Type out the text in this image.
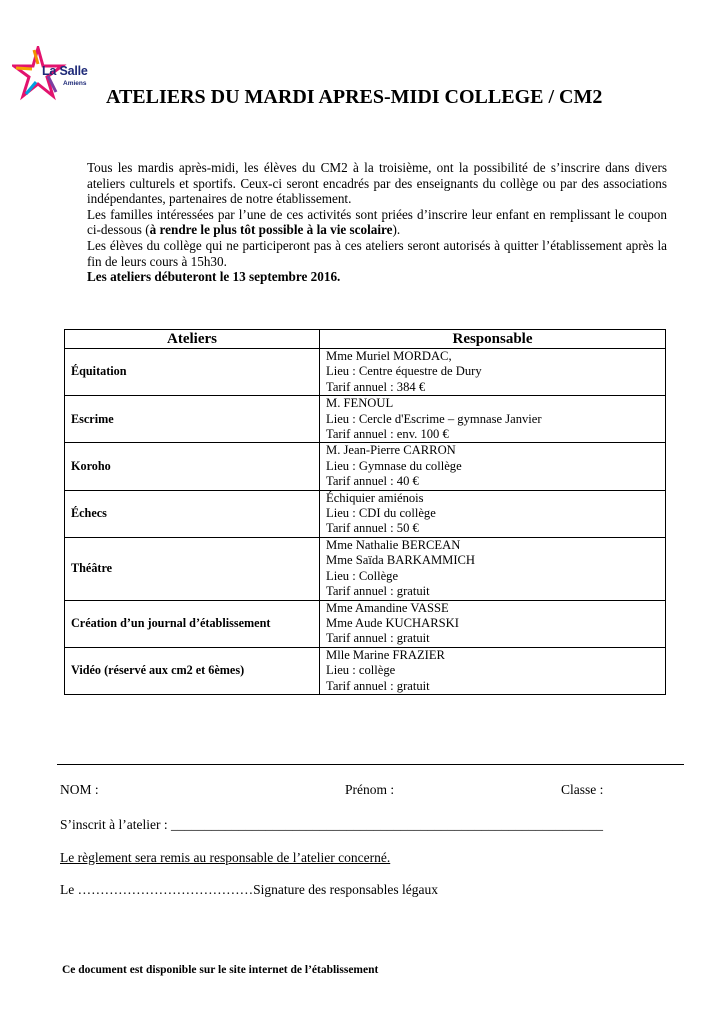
La Salle
Amiens
ATELIERS DU MARDI APRES-MIDI COLLEGE / CM2

Tous les mardis après-midi, les élèves du CM2 à la troisième, ont la possibilité de s’inscrire dans divers ateliers culturels et sportifs. Ceux-ci seront encadrés par des enseignants du collège ou par des associations indépendantes, partenaires de notre établissement.

Les familles intéressées par l’une de ces activités sont priées d’inscrire leur enfant en remplissant le coupon ci-dessous (à rendre le plus tôt possible à la vie scolaire).

Les élèves du collège qui ne participeront pas à ces ateliers seront autorisés à quitter l’établissement après la fin de leurs cours à 15h30.

Les ateliers débuteront le 13 septembre 2016.

Ateliers	Responsable
Équitation	Mme Muriel MORDAC,
Lieu : Centre équestre de Dury
Tarif annuel : 384 €

Escrime	M. FENOUL
Lieu : Cercle d'Escrime – gymnase Janvier
Tarif annuel : env. 100 €

Koroho	M. Jean-Pierre CARRON
Lieu : Gymnase du collège
Tarif annuel : 40 €

Échecs	Échiquier amiénois
Lieu : CDI du collège
Tarif annuel : 50 €

Théâtre	Mme Nathalie BERCEAN
Mme Saïda BARKAMMICH
Lieu : Collège
Tarif annuel : gratuit

Création d’un journal d’établissement	Mme Amandine VASSE
Mme Aude KUCHARSKI
Tarif annuel : gratuit

Vidéo (réservé aux cm2 et 6èmes)	Mlle Marine FRAZIER
Lieu : collège
Tarif annuel : gratuit
NOM :	Prénom :	Classe :
S’inscrit à l’atelier : ________________________________________________________________
Le règlement sera remis au responsable de l’atelier concerné.
Le …………………………………Signature des responsables légaux
Ce document est disponible sur le site internet de l’établissement
